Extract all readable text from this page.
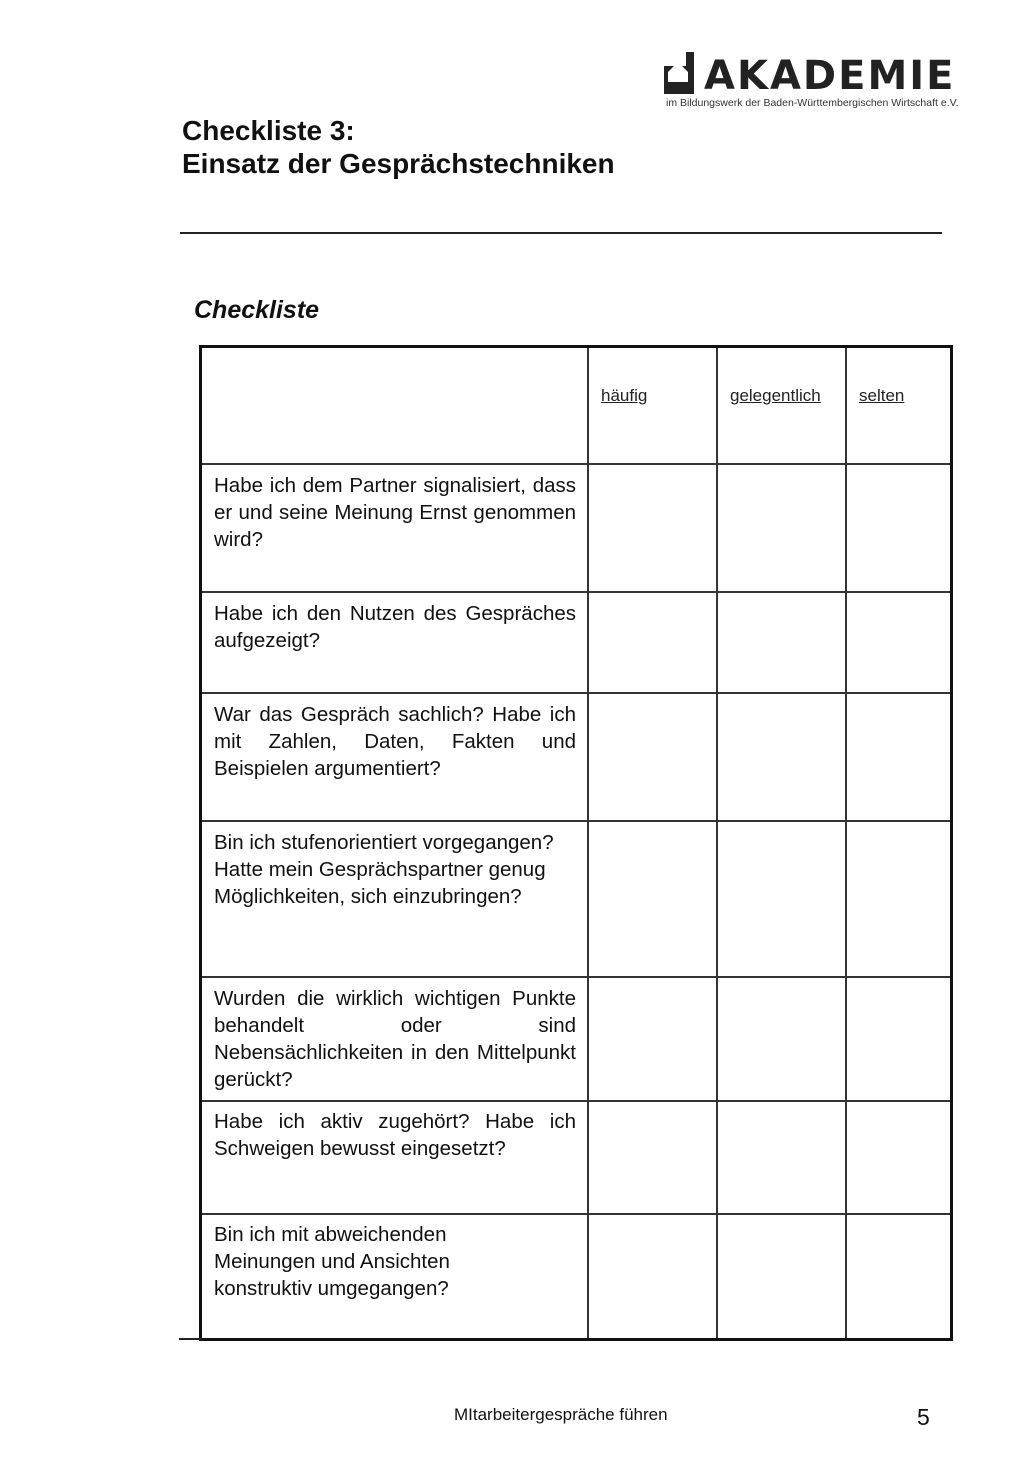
AKADEMIE
im Bildungswerk der Baden-Württembergischen Wirtschaft e.V.
Checkliste 3:
Einsatz der Gesprächstechniken
Checkliste
häufig	gelegentlich selten
Habe ich dem Partner signalisiert, dass er und seine Meinung Ernst genommen wird?
Habe ich den Nutzen des Gespräches aufgezeigt?
War das Gespräch sachlich? Habe ich mit Zahlen, Daten, Fakten und Beispielen argumentiert?
Bin ich stufenorientiert vorgegangen? Hatte mein Gesprächspartner genug Möglichkeiten, sich einzubringen?
Wurden die wirklich wichtigen Punkte behandelt oder sind Nebensächlichkeiten in den Mittelpunkt gerückt?
Habe ich aktiv zugehört? Habe ich Schweigen bewusst eingesetzt?
Bin ich mit abweichenden Meinungen und Ansichten konstruktiv umgegangen?
MItarbeitergespräche führen	5
